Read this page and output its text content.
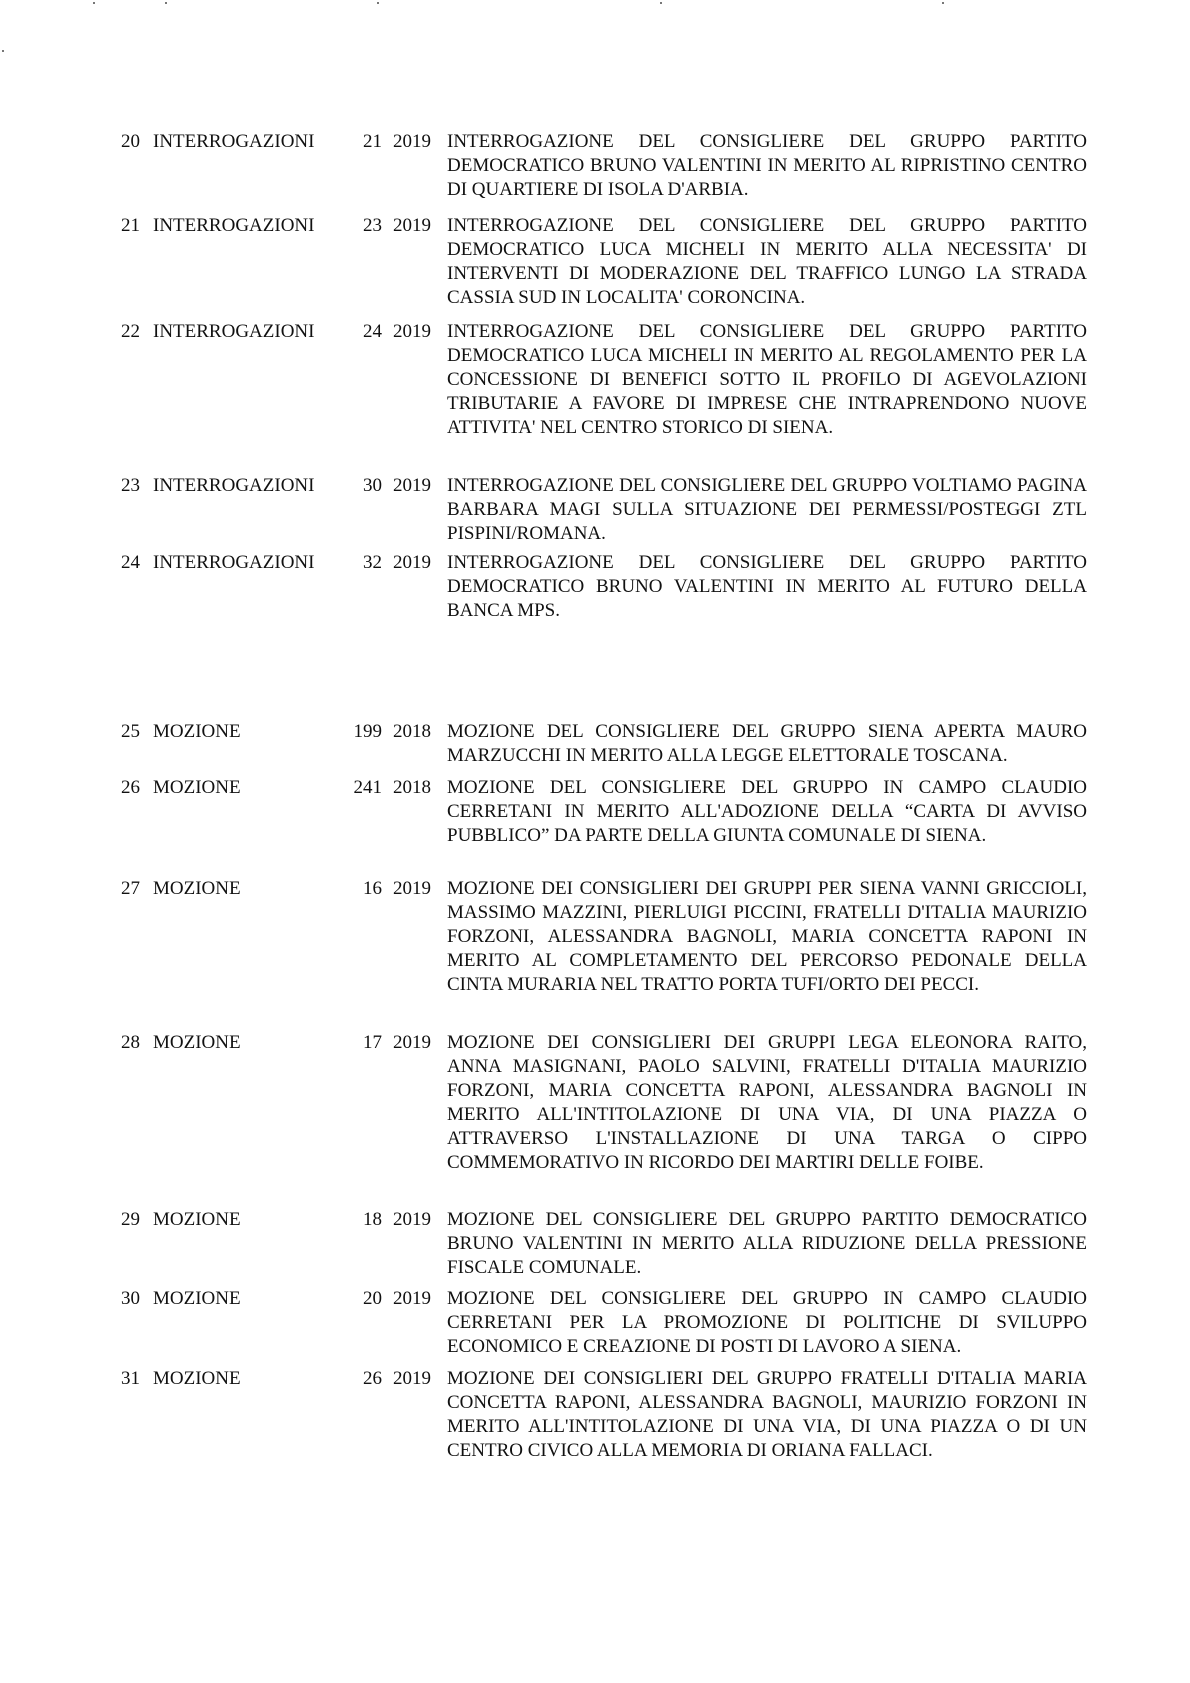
20 INTERROGAZIONI	21 2019 INTERROGAZIONE DEL CONSIGLIERE DEL GRUPPO PARTITO DEMOCRATICO BRUNO VALENTINI IN MERITO AL RIPRISTINO CENTRO DI QUARTIERE DI ISOLA D'ARBIA.
21 INTERROGAZIONI	23 2019 INTERROGAZIONE DEL CONSIGLIERE DEL GRUPPO PARTITO DEMOCRATICO LUCA MICHELI IN MERITO ALLA NECESSITA' DI INTERVENTI DI MODERAZIONE DEL TRAFFICO LUNGO LA STRADA CASSIA SUD IN LOCALITA' CORONCINA.
22 INTERROGAZIONI	24 2019 INTERROGAZIONE DEL CONSIGLIERE DEL GRUPPO PARTITO DEMOCRATICO LUCA MICHELI IN MERITO AL REGOLAMENTO PER LA CONCESSIONE DI BENEFICI SOTTO IL PROFILO DI AGEVOLAZIONI TRIBUTARIE A FAVORE DI IMPRESE CHE INTRAPRENDONO NUOVE ATTIVITA' NEL CENTRO STORICO DI SIENA.
23 INTERROGAZIONI	30 2019 INTERROGAZIONE DEL CONSIGLIERE DEL GRUPPO VOLTIAMO PAGINA BARBARA MAGI SULLA SITUAZIONE DEI PERMESSI/POSTEGGI ZTL PISPINI/ROMANA.
24 INTERROGAZIONI	32 2019 INTERROGAZIONE DEL CONSIGLIERE DEL GRUPPO PARTITO DEMOCRATICO BRUNO VALENTINI IN MERITO AL FUTURO DELLA BANCA MPS.
25 MOZIONE	199 2018 MOZIONE DEL CONSIGLIERE DEL GRUPPO SIENA APERTA MAURO MARZUCCHI IN MERITO ALLA LEGGE ELETTORALE TOSCANA.
26 MOZIONE	241 2018 MOZIONE DEL CONSIGLIERE DEL GRUPPO IN CAMPO CLAUDIO CERRETANI IN MERITO ALL'ADOZIONE DELLA “CARTA DI AVVISO PUBBLICO” DA PARTE DELLA GIUNTA COMUNALE DI SIENA.
27 MOZIONE	16 2019 MOZIONE DEI CONSIGLIERI DEI GRUPPI PER SIENA VANNI GRICCIOLI, MASSIMO MAZZINI, PIERLUIGI PICCINI, FRATELLI D'ITALIA MAURIZIO FORZONI, ALESSANDRA BAGNOLI, MARIA CONCETTA RAPONI IN MERITO AL COMPLETAMENTO DEL PERCORSO PEDONALE DELLA CINTA MURARIA NEL TRATTO PORTA TUFI/ORTO DEI PECCI.
28 MOZIONE	17 2019 MOZIONE DEI CONSIGLIERI DEI GRUPPI LEGA ELEONORA RAITO, ANNA MASIGNANI, PAOLO SALVINI, FRATELLI D'ITALIA MAURIZIO FORZONI, MARIA CONCETTA RAPONI, ALESSANDRA BAGNOLI IN MERITO ALL'INTITOLAZIONE DI UNA VIA, DI UNA PIAZZA O ATTRAVERSO L'INSTALLAZIONE DI UNA TARGA O CIPPO COMMEMORATIVO IN RICORDO DEI MARTIRI DELLE FOIBE.
29 MOZIONE	18 2019 MOZIONE DEL CONSIGLIERE DEL GRUPPO PARTITO DEMOCRATICO BRUNO VALENTINI IN MERITO ALLA RIDUZIONE DELLA PRESSIONE FISCALE COMUNALE.
30 MOZIONE	20 2019 MOZIONE DEL CONSIGLIERE DEL GRUPPO IN CAMPO CLAUDIO CERRETANI PER LA PROMOZIONE DI POLITICHE DI SVILUPPO ECONOMICO E CREAZIONE DI POSTI DI LAVORO A SIENA.
31 MOZIONE	26 2019 MOZIONE DEI CONSIGLIERI DEL GRUPPO FRATELLI D'ITALIA MARIA CONCETTA RAPONI, ALESSANDRA BAGNOLI, MAURIZIO FORZONI IN MERITO ALL'INTITOLAZIONE DI UNA VIA, DI UNA PIAZZA O DI UN CENTRO CIVICO ALLA MEMORIA DI ORIANA FALLACI.
